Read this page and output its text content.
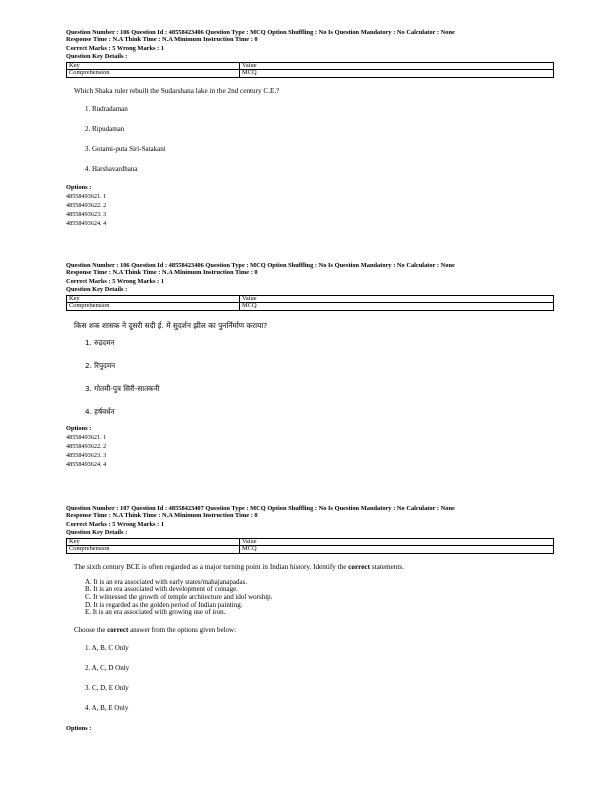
Question Number : 106 Question Id : 48558423406 Question Type : MCQ Option Shuffling : No Is Question Mandatory : No Calculator : None
Response Time : N.A Think Time : N.A Minimum Instruction Time : 0
Correct Marks : 5 Wrong Marks : 1
Question Key Details :
Key	Value
Comprehension	MCQ
Which Shaka ruler rebuilt the Sudarshana lake in the 2nd century C.E.?
1. Rudradaman
2. Ripudaman
3. Gotami-puta Siri-Satakani
4. Harshavardhana
Options :
48558493621. 1
48558493622. 2
48558493623. 3
48558493624. 4
Question Number : 106 Question Id : 48558423406 Question Type : MCQ Option Shuffling : No Is Question Mandatory : No Calculator : None
Response Time : N.A Think Time : N.A Minimum Instruction Time : 0
Correct Marks : 5 Wrong Marks : 1
Question Key Details :
Key	Value
Comprehension	MCQ
किस शक शासक ने दूसरी सदी ई. में सुदर्शन झील का पुनर्निर्माण कराया?
1. रुद्रदमन
2. रिपुदमन
3. गोतमी-पुत्र सिरी-सातकनी
4. हर्षवर्धन
Options :
48558493621. 1
48558493622. 2
48558493623. 3
48558493624. 4
Question Number : 107 Question Id : 48558423407 Question Type : MCQ Option Shuffling : No Is Question Mandatory : No Calculator : None
Response Time : N.A Think Time : N.A Minimum Instruction Time : 0
Correct Marks : 5 Wrong Marks : 1
Question Key Details :
Key	Value
Comprehension	MCQ
The sixth century BCE is often regarded as a major turning point in Indian history. Identify the correct statements.
A. It is an era associated with early states/mahajanapadas.
B. It is an era associated with development of coinage.
C. It witnessed the growth of temple architecture and idol worship.
D. It is regarded as the golden period of Indian painting.
E. It is an era associated with growing use of iron.
Choose the correct answer from the options given below:
1. A, B, C Only
2. A, C, D Only
3. C, D, E Only
4. A, B, E Only
Options :
